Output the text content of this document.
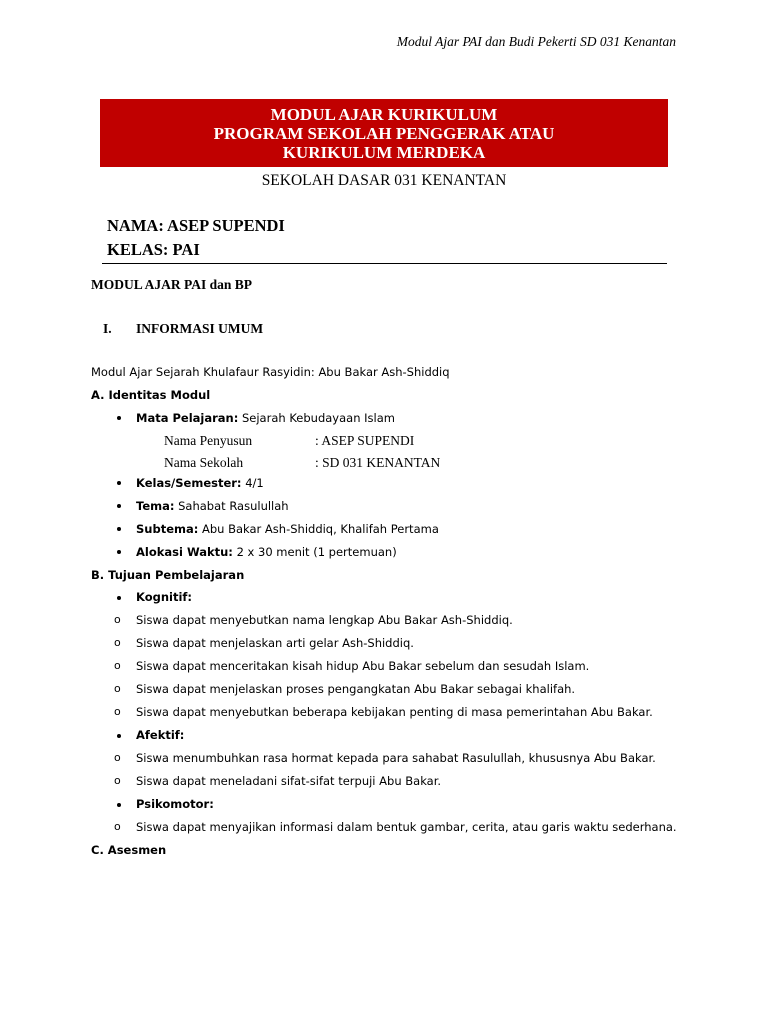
Modul Ajar PAI dan Budi Pekerti SD 031 Kenantan
MODUL AJAR KURIKULUM
PROGRAM SEKOLAH PENGGERAK ATAU
KURIKULUM MERDEKA
SEKOLAH DASAR 031 KENANTAN
NAMA: ASEP SUPENDI
KELAS: PAI
MODUL AJAR PAI dan BP
I. INFORMASI UMUM
Modul Ajar Sejarah Khulafaur Rasyidin: Abu Bakar Ash-Shiddiq
A. Identitas Modul
Mata Pelajaran: Sejarah Kebudayaan Islam
Nama Penyusun	: ASEP SUPENDI
Nama Sekolah	: SD 031 KENANTAN
Kelas/Semester: 4/1
Tema: Sahabat Rasulullah
Subtema: Abu Bakar Ash-Shiddiq, Khalifah Pertama
Alokasi Waktu: 2 x 30 menit (1 pertemuan)
B. Tujuan Pembelajaran
Kognitif:
o Siswa dapat menyebutkan nama lengkap Abu Bakar Ash-Shiddiq.
o Siswa dapat menjelaskan arti gelar Ash-Shiddiq.
o Siswa dapat menceritakan kisah hidup Abu Bakar sebelum dan sesudah Islam.
o Siswa dapat menjelaskan proses pengangkatan Abu Bakar sebagai khalifah.
o Siswa dapat menyebutkan beberapa kebijakan penting di masa pemerintahan Abu Bakar.
Afektif:
o Siswa menumbuhkan rasa hormat kepada para sahabat Rasulullah, khususnya Abu Bakar.
o Siswa dapat meneladani sifat-sifat terpuji Abu Bakar.
Psikomotor:
o Siswa dapat menyajikan informasi dalam bentuk gambar, cerita, atau garis waktu sederhana.
C. Asesmen
